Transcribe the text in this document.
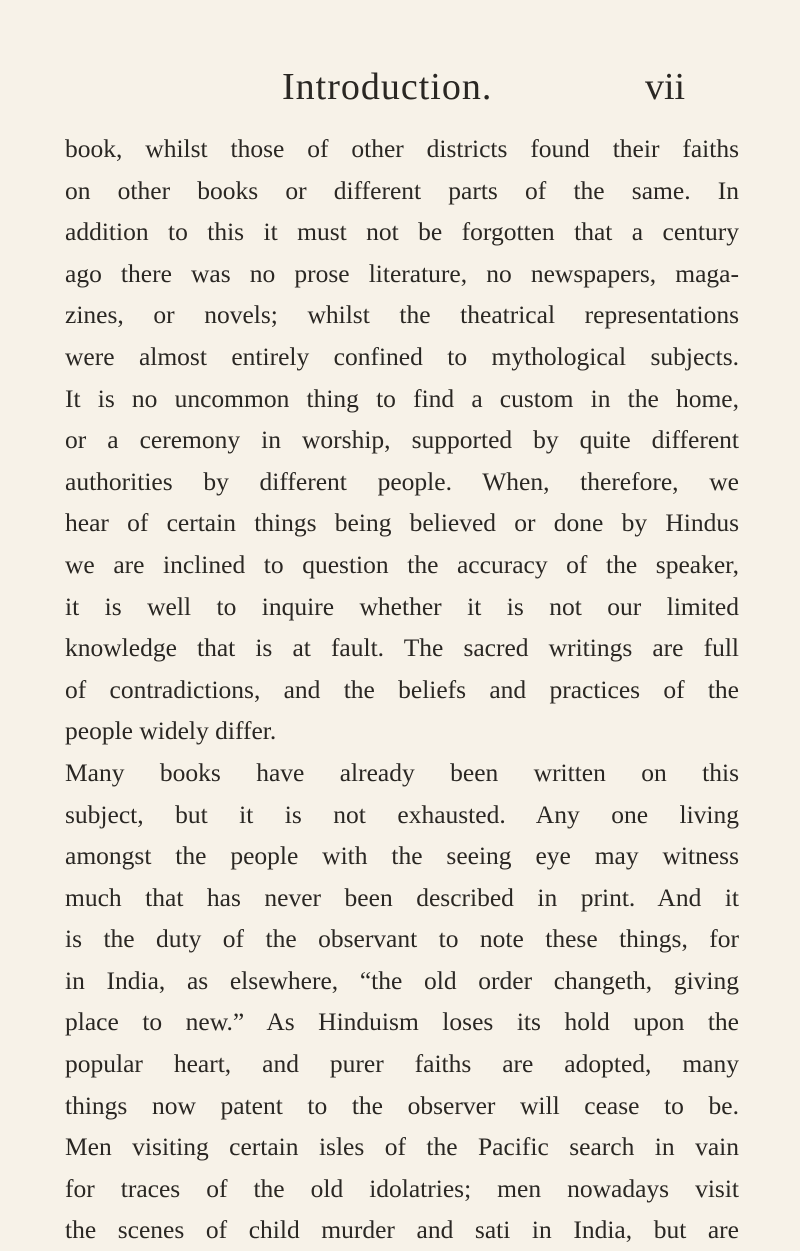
Introduction.	vii
book, whilst those of other districts found their faiths
on other books or different parts of the same. In
addition to this it must not be forgotten that a century
ago there was no prose literature, no newspapers, maga-
zines, or novels; whilst the theatrical representations
were almost entirely confined to mythological subjects.
It is no uncommon thing to find a custom in the home,
or a ceremony in worship, supported by quite different
authorities by different people. When, therefore, we
hear of certain things being believed or done by Hindus
we are inclined to question the accuracy of the speaker,
it is well to inquire whether it is not our limited
knowledge that is at fault. The sacred writings are full
of contradictions, and the beliefs and practices of the
people widely differ.
Many books have already been written on this
subject, but it is not exhausted. Any one living
amongst the people with the seeing eye may witness
much that has never been described in print. And it
is the duty of the observant to note these things, for
in India, as elsewhere, “the old order changeth, giving
place to new.” As Hinduism loses its hold upon the
popular heart, and purer faiths are adopted, many
things now patent to the observer will cease to be.
Men visiting certain isles of the Pacific search in vain
for traces of the old idolatries; men nowadays visit
the scenes of child murder and sati in India, but are
